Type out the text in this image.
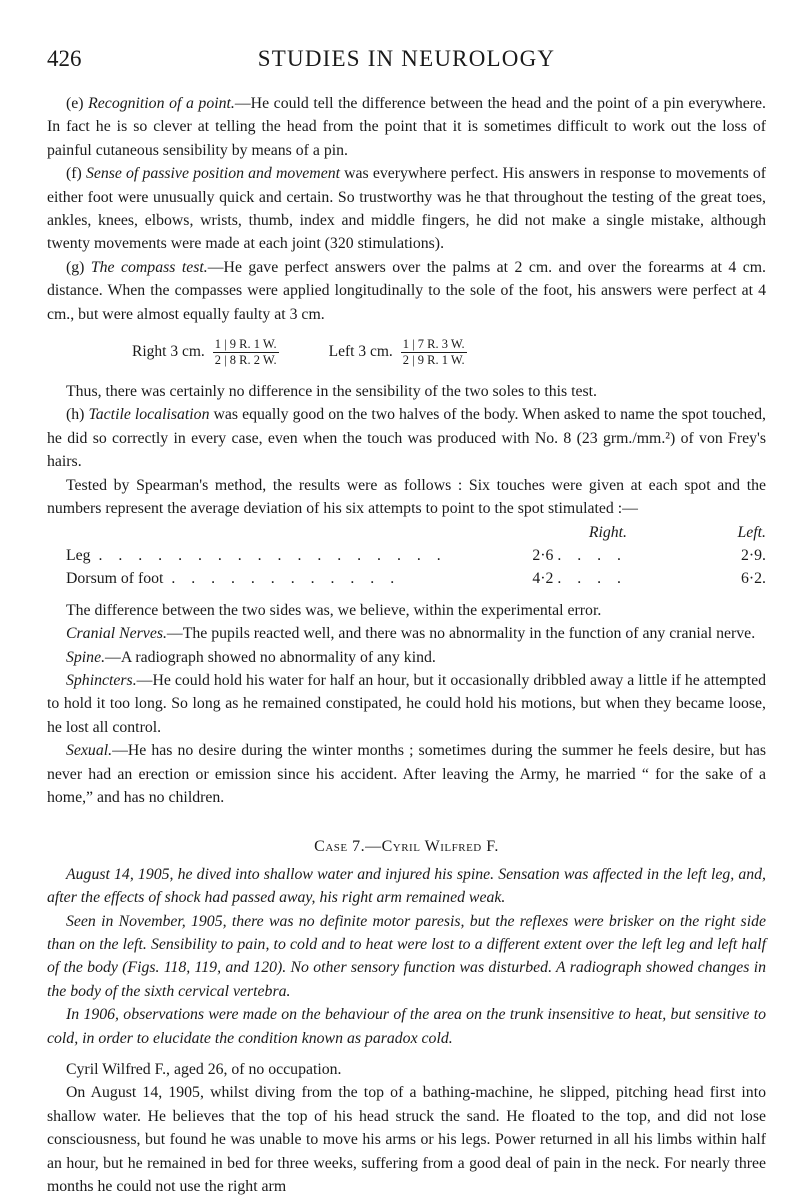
426	STUDIES IN NEUROLOGY

(e) Recognition of a point.—He could tell the difference between the head and the point of a pin everywhere. In fact he is so clever at telling the head from the point that it is sometimes difficult to work out the loss of painful cutaneous sensibility by means of a pin.

(f) Sense of passive position and movement was everywhere perfect. His answers in response to movements of either foot were unusually quick and certain. So trustworthy was he that throughout the testing of the great toes, ankles, knees, elbows, wrists, thumb, index and middle fingers, he did not make a single mistake, although twenty movements were made at each joint (320 stimulations).

(g) The compass test.—He gave perfect answers over the palms at 2 cm. and over the forearms at 4 cm. distance. When the compasses were applied longitudinally to the sole of the foot, his answers were perfect at 4 cm., but were almost equally faulty at 3 cm.

Right 3 cm. $\frac{1 | 9 R. 1 W.}{2 | 8 R. 2 W.}$	Left 3 cm. $\frac{1 | 7 R. 3 W.}{2 | 9 R. 1 W.}$

Thus, there was certainly no difference in the sensibility of the two soles to this test.

(h) Tactile localisation was equally good on the two halves of the body. When asked to name the spot touched, he did so correctly in every case, even when the touch was produced with No. 8 (23 grm./mm.²) of von Frey's hairs.

Tested by Spearman's method, the results were as follows : Six touches were given at each spot and the numbers represent the average deviation of his six attempts to point to the spot stimulated :—

	Right.	Left.
Leg . . . . . . . . . . . . . . . . . .	2·6 . . . .	2·9.
Dorsum of foot . . . . . . . . . . . .	4·2 . . . .	6·2.

The difference between the two sides was, we believe, within the experimental error.

Cranial Nerves.—The pupils reacted well, and there was no abnormality in the function of any cranial nerve.

Spine.—A radiograph showed no abnormality of any kind.

Sphincters.—He could hold his water for half an hour, but it occasionally dribbled away a little if he attempted to hold it too long. So long as he remained constipated, he could hold his motions, but when they became loose, he lost all control.

Sexual.—He has no desire during the winter months ; sometimes during the summer he feels desire, but has never had an erection or emission since his accident. After leaving the Army, he married “ for the sake of a home,” and has no children.

Case 7.—Cyril Wilfred F.

August 14, 1905, he dived into shallow water and injured his spine. Sensation was affected in the left leg, and, after the effects of shock had passed away, his right arm remained weak.

Seen in November, 1905, there was no definite motor paresis, but the reflexes were brisker on the right side than on the left. Sensibility to pain, to cold and to heat were lost to a different extent over the left leg and left half of the body (Figs. 118, 119, and 120). No other sensory function was disturbed. A radiograph showed changes in the body of the sixth cervical vertebra.

In 1906, observations were made on the behaviour of the area on the trunk insensitive to heat, but sensitive to cold, in order to elucidate the condition known as paradox cold.

Cyril Wilfred F., aged 26, of no occupation.

On August 14, 1905, whilst diving from the top of a bathing-machine, he slipped, pitching head first into shallow water. He believes that the top of his head struck the sand. He floated to the top, and did not lose consciousness, but found he was unable to move his arms or his legs. Power returned in all his limbs within half an hour, but he remained in bed for three weeks, suffering from a good deal of pain in the neck. For nearly three months he could not use the right arm
